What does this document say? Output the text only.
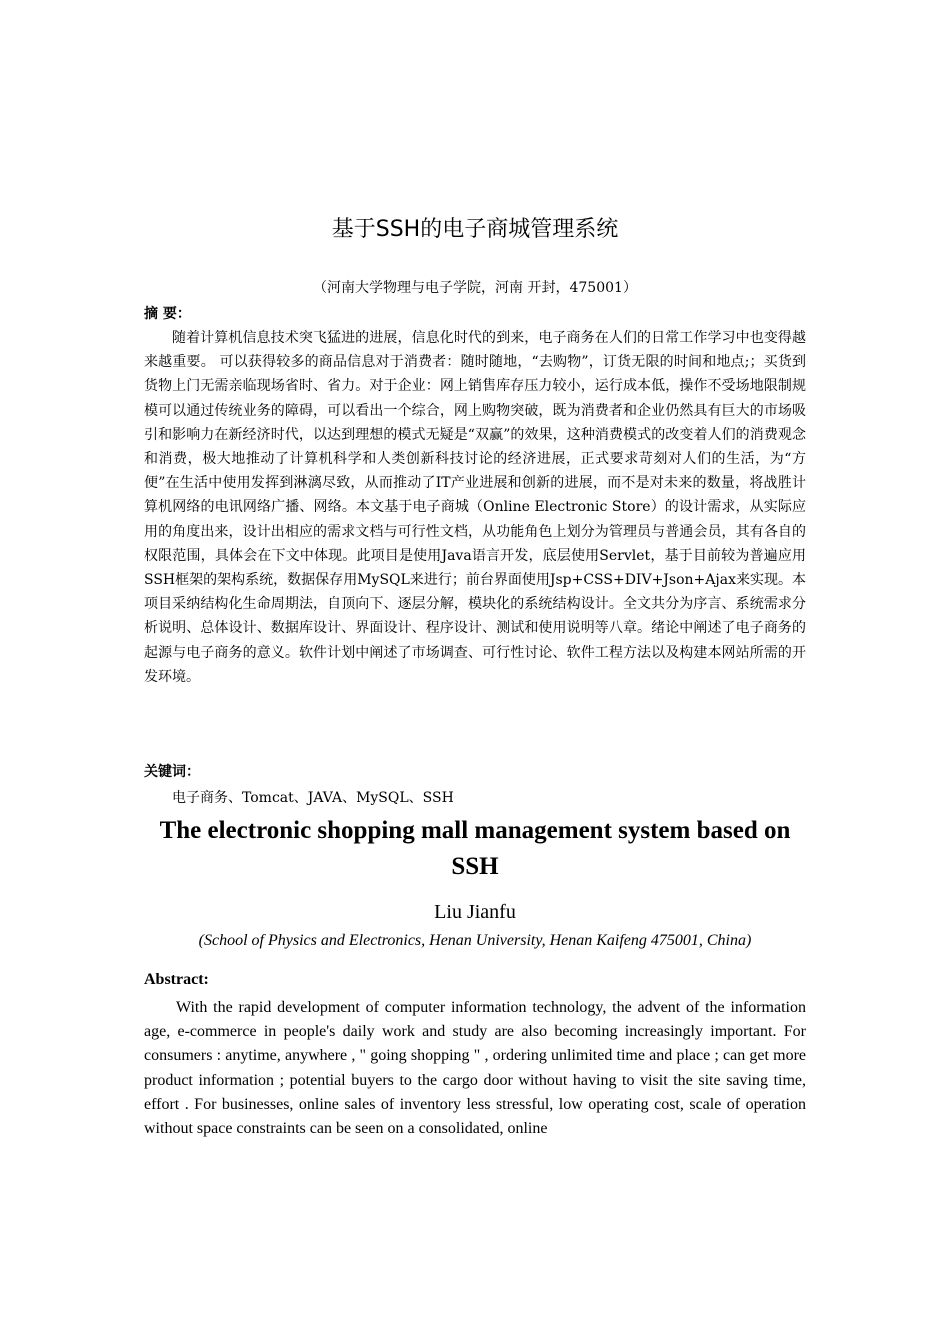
基于SSH的电子商城管理系统
（河南大学物理与电子学院，河南 开封，475001）
摘 要：

随着计算机信息技术突飞猛进的进展，信息化时代的到来，电子商务在人们的日常工作学习中也变得越来越重要。 可以获得较多的商品信息对于消费者：随时随地，“去购物”，订货无限的时间和地点;；买货到货物上门无需亲临现场省时、省力。对于企业：网上销售库存压力较小，运行成本低，操作不受场地限制规模可以通过传统业务的障碍，可以看出一个综合，网上购物突破，既为消费者和企业仍然具有巨大的市场吸引和影响力在新经济时代，以达到理想的模式无疑是“双赢”的效果，这种消费模式的改变着人们的消费观念和消费，极大地推动了计算机科学和人类创新科技讨论的经济进展，正式要求苛刻对人们的生活，为“方便”在生活中使用发挥到淋漓尽致，从而推动了IT产业进展和创新的进展，而不是对未来的数量，将战胜计算机网络的电讯网络广播、网络。本文基于电子商城（Online Electronic Store）的设计需求，从实际应用的角度出来，设计出相应的需求文档与可行性文档，从功能角色上划分为管理员与普通会员，其有各自的权限范围，具体会在下文中体现。此项目是使用Java语言开发，底层使用Servlet，基于目前较为普遍应用SSH框架的架构系统，数据保存用MySQL来进行；前台界面使用Jsp+CSS+DIV+Json+Ajax来实现。本项目采纳结构化生命周期法，自顶向下、逐层分解，模块化的系统结构设计。全文共分为序言、系统需求分析说明、总体设计、数据库设计、界面设计、程序设计、测试和使用说明等八章。绪论中阐述了电子商务的起源与电子商务的意义。软件计划中阐述了市场调查、可行性讨论、软件工程方法以及构建本网站所需的开发环境。

关键词：

电子商务、Tomcat、JAVA、MySQL、SSH

The electronic shopping mall management system based on SSH
Liu Jianfu
(School of Physics and Electronics, Henan University, Henan Kaifeng 475001, China)
Abstract:

With the rapid development of computer information technology, the advent of the information age, e-commerce in people's daily work and study are also becoming increasingly important. For consumers : anytime, anywhere , " going shopping " , ordering unlimited time and place ; can get more product information ; potential buyers to the cargo door without having to visit the site saving time, effort . For businesses, online sales of inventory less stressful, low operating cost, scale of operation without space constraints can be seen on a consolidated, online
